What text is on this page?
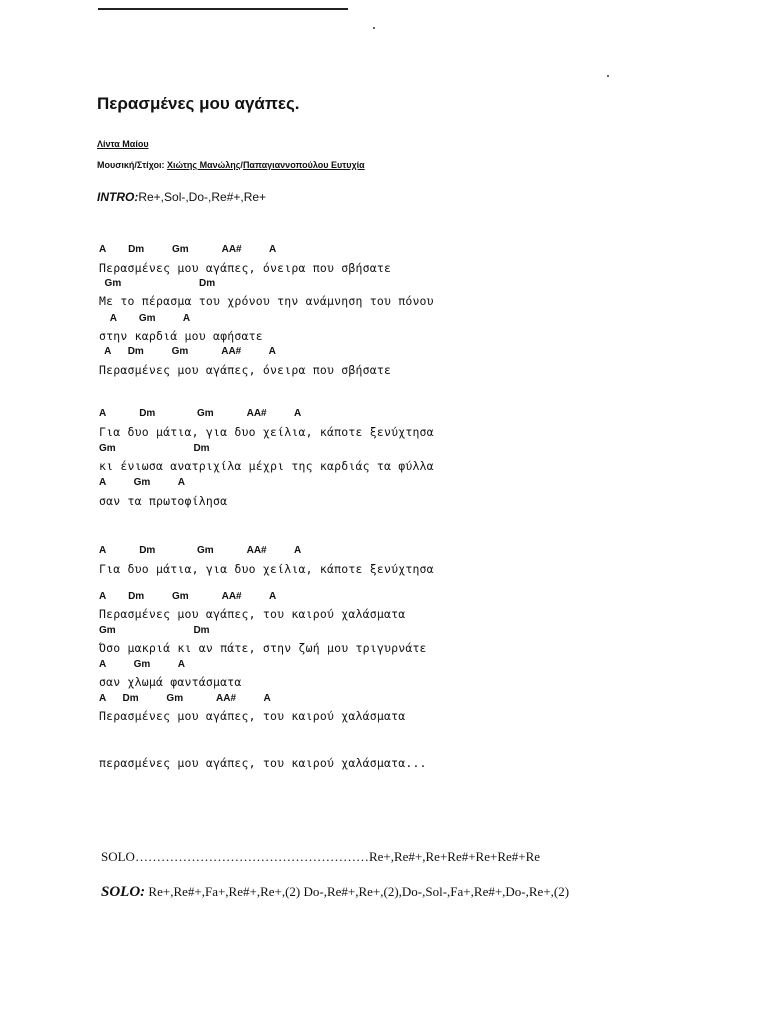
Περασμένες μου αγάπες.
Λίντα Μαίου
Μουσική/Στίχοι: Χιώτης Μανώλης/Παπαγιαννοπούλου Ευτυχία
INTRO:Re+,Sol-,Do-,Re#+,Re+
A        Dm          Gm            AA#          A
Περασμένες μου αγάπες, όνειρα που σβήσατε
Gm                            Dm
Με το πέρασμα του χρόνου την ανάμνηση του πόνου
A        Gm          A
στην καρδιά μου αφήσατε
A      Dm          Gm            AA#          A
Περασμένες μου αγάπες, όνειρα που σβήσατε
A            Dm               Gm            AA#          A
Για δυο μάτια, για δυο χείλια, κάποτε ξενύχτησα
Gm                            Dm
κι ένιωσα ανατριχίλα μέχρι της καρδιάς τα φύλλα
A          Gm          A
σαν τα πρωτοφίλησα
A            Dm               Gm            AA#          A
Για δυο μάτια, για δυο χείλια, κάποτε ξενύχτησα
A        Dm          Gm            AA#          A
Περασμένες μου αγάπες, του καιρού χαλάσματα
Gm                            Dm
Όσο μακριά κι αν πάτε, στην ζωή μου τριγυρνάτε
A          Gm          A
σαν χλωμά φαντάσματα
A      Dm          Gm            AA#          A
Περασμένες μου αγάπες, του καιρού χαλάσματα
περασμένες μου αγάπες, του καιρού χαλάσματα...
SOLO………………………………………………Re+,Re#+,Re+Re#+Re+Re#+Re
SOLO: Re+,Re#+,Fa+,Re#+,Re+,(2) Do-,Re#+,Re+,(2),Do-,Sol-,Fa+,Re#+,Do-,Re+,(2)
